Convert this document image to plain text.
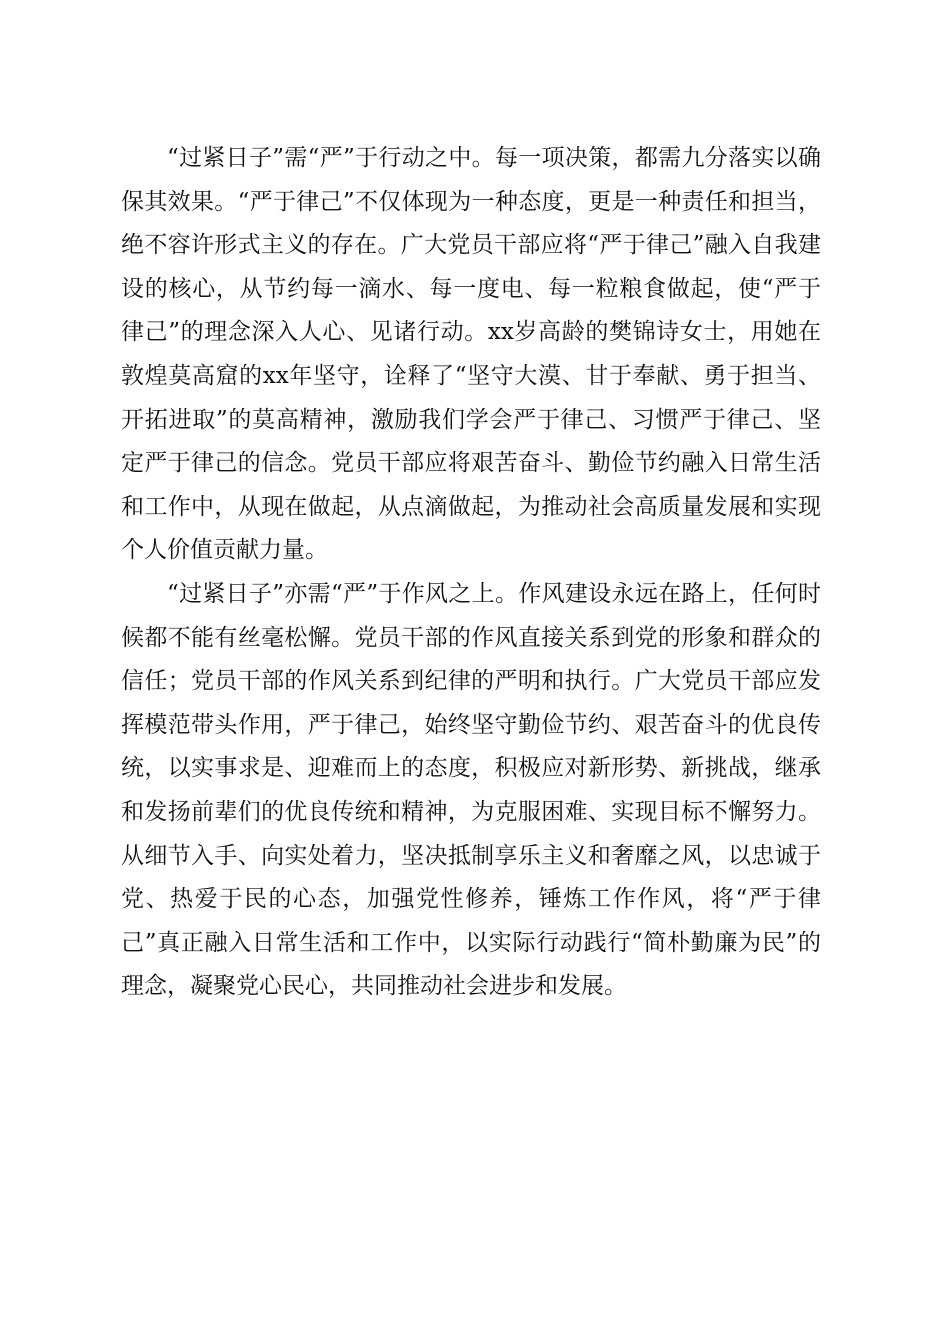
“过紧日子”需“严”于行动之中。每一项决策，都需九分落实以确保其效果。“严于律己”不仅体现为一种态度，更是一种责任和担当，绝不容许形式主义的存在。广大党员干部应将“严于律己”融入自我建设的核心，从节约每一滴水、每一度电、每一粒粮食做起，使“严于律己”的理念深入人心、见诸行动。xx岁高龄的樊锦诗女士，用她在敦煌莫高窟的xx年坚守，诠释了“坚守大漠、甘于奉献、勇于担当、开拓进取”的莫高精神，激励我们学会严于律己、习惯严于律己、坚定严于律己的信念。党员干部应将艰苦奋斗、勤俭节约融入日常生活和工作中，从现在做起，从点滴做起，为推动社会高质量发展和实现个人价值贡献力量。

“过紧日子”亦需“严”于作风之上。作风建设永远在路上，任何时候都不能有丝毫松懈。党员干部的作风直接关系到党的形象和群众的信任；党员干部的作风关系到纪律的严明和执行。广大党员干部应发挥模范带头作用，严于律己，始终坚守勤俭节约、艰苦奋斗的优良传统，以实事求是、迎难而上的态度，积极应对新形势、新挑战，继承和发扬前辈们的优良传统和精神，为克服困难、实现目标不懈努力。从细节入手、向实处着力，坚决抵制享乐主义和奢靡之风，以忠诚于党、热爱于民的心态，加强党性修养，锤炼工作作风，将“严于律己”真正融入日常生活和工作中，以实际行动践行“简朴勤廉为民”的理念，凝聚党心民心，共同推动社会进步和发展。
